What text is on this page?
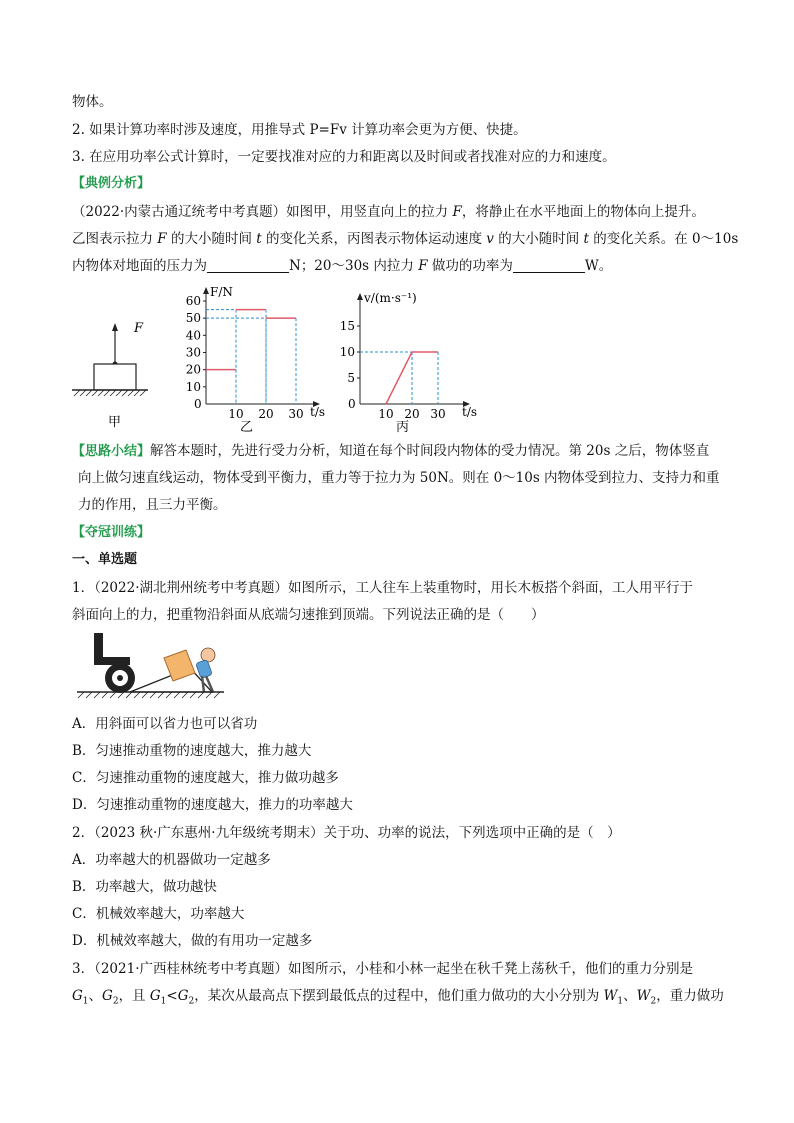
物体。
2. 如果计算功率时涉及速度，用推导式 P=Fv 计算功率会更为方便、快捷。
3. 在应用功率公式计算时，一定要找准对应的力和距离以及时间或者找准对应的力和速度。
【典例分析】
（2022·内蒙古通辽统考中考真题）如图甲，用竖直向上的拉力 F，将静止在水平地面上的物体向上提升。
乙图表示拉力 F 的大小随时间 t 的变化关系，丙图表示物体运动速度 v 的大小随时间 t 的变化关系。在 0～10s
内物体对地面的压力为	N；20～30s 内拉力 F 做功的功率为	W。
F
甲
F/N
t/s
0
10
20
30
40
50
60
10 20 30
乙
v/(m·s⁻¹)
t/s
0
5
10
15
10 20 30
丙
【思路小结】解答本题时，先进行受力分析，知道在每个时间段内物体的受力情况。第 20s 之后，物体竖直
向上做匀速直线运动，物体受到平衡力，重力等于拉力为 50N。则在 0～10s 内物体受到拉力、支持力和重
力的作用，且三力平衡。
【夺冠训练】
一、单选题
1．（2022·湖北荆州统考中考真题）如图所示，工人往车上装重物时，用长木板搭个斜面，工人用平行于
斜面向上的力，把重物沿斜面从底端匀速推到顶端。下列说法正确的是（　　）
A．用斜面可以省力也可以省功
B．匀速推动重物的速度越大，推力越大
C．匀速推动重物的速度越大，推力做功越多
D．匀速推动重物的速度越大，推力的功率越大
2．（2023 秋·广东惠州·九年级统考期末）关于功、功率的说法，下列选项中正确的是（　）
A．功率越大的机器做功一定越多
B．功率越大，做功越快
C．机械效率越大，功率越大
D．机械效率越大，做的有用功一定越多
3．（2021·广西桂林统考中考真题）如图所示，小桂和小林一起坐在秋千凳上荡秋千，他们的重力分别是
$G_1$、$G_2$，且 $G_1<G_2$，某次从最高点下摆到最低点的过程中，他们重力做功的大小分别为 $W_1$、$W_2$，重力做功
